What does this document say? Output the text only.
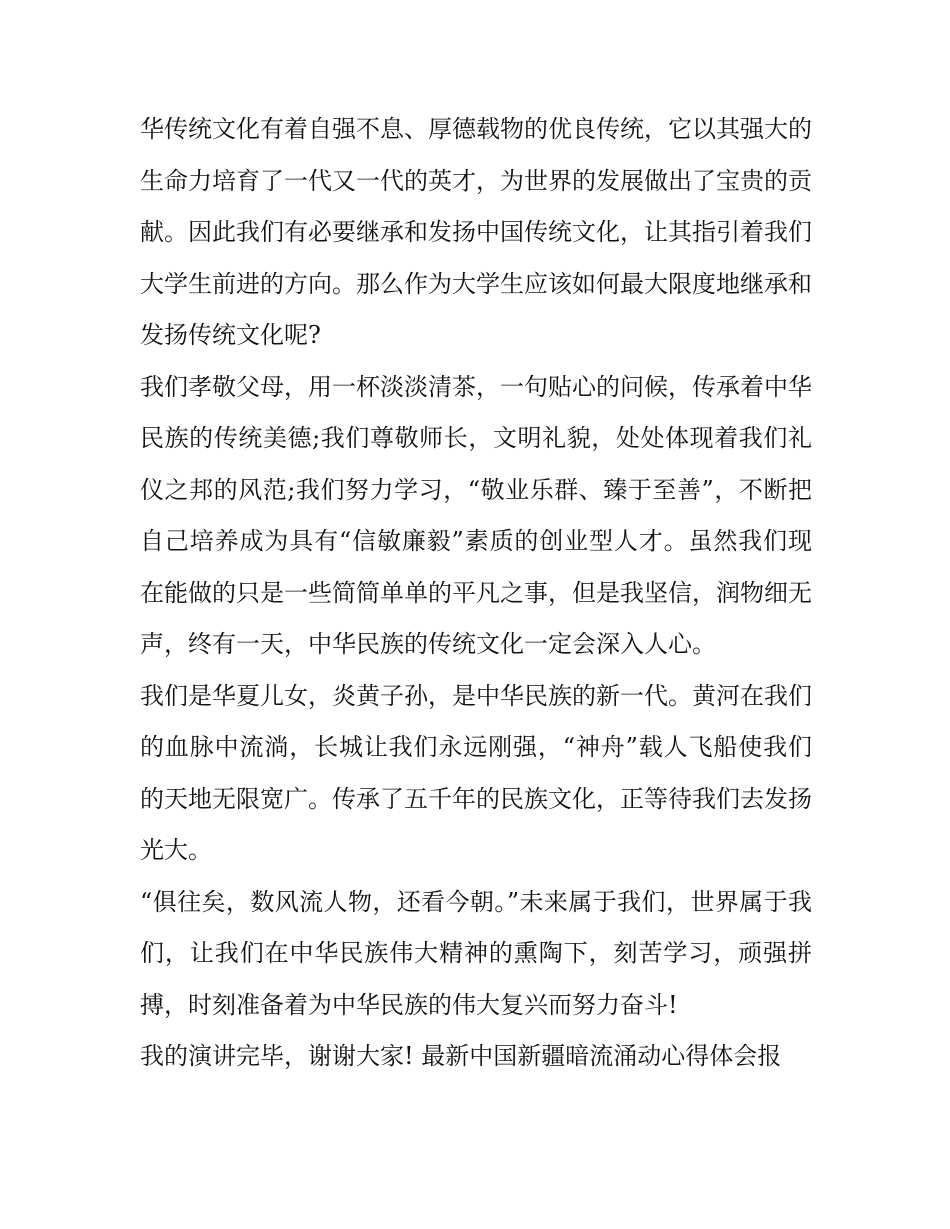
华传统文化有着自强不息、厚德载物的优良传统，它以其强大的生命力培育了一代又一代的英才，为世界的发展做出了宝贵的贡献。因此我们有必要继承和发扬中国传统文化，让其指引着我们大学生前进的方向。那么作为大学生应该如何最大限度地继承和发扬传统文化呢?

我们孝敬父母，用一杯淡淡清茶，一句贴心的问候，传承着中华民族的传统美德;我们尊敬师长，文明礼貌，处处体现着我们礼仪之邦的风范;我们努力学习，“敬业乐群、臻于至善”，不断把自己培养成为具有“信敏廉毅”素质的创业型人才。虽然我们现在能做的只是一些简简单单的平凡之事，但是我坚信，润物细无声，终有一天，中华民族的传统文化一定会深入人心。

我们是华夏儿女，炎黄子孙，是中华民族的新一代。黄河在我们的血脉中流淌，长城让我们永远刚强，“神舟”载人飞船使我们的天地无限宽广。传承了五千年的民族文化，正等待我们去发扬光大。

“俱往矣，数风流人物，还看今朝。”未来属于我们，世界属于我们，让我们在中华民族伟大精神的熏陶下，刻苦学习，顽强拼搏，时刻准备着为中华民族的伟大复兴而努力奋斗!

我的演讲完毕，谢谢大家! 最新中国新疆暗流涌动心得体会报
